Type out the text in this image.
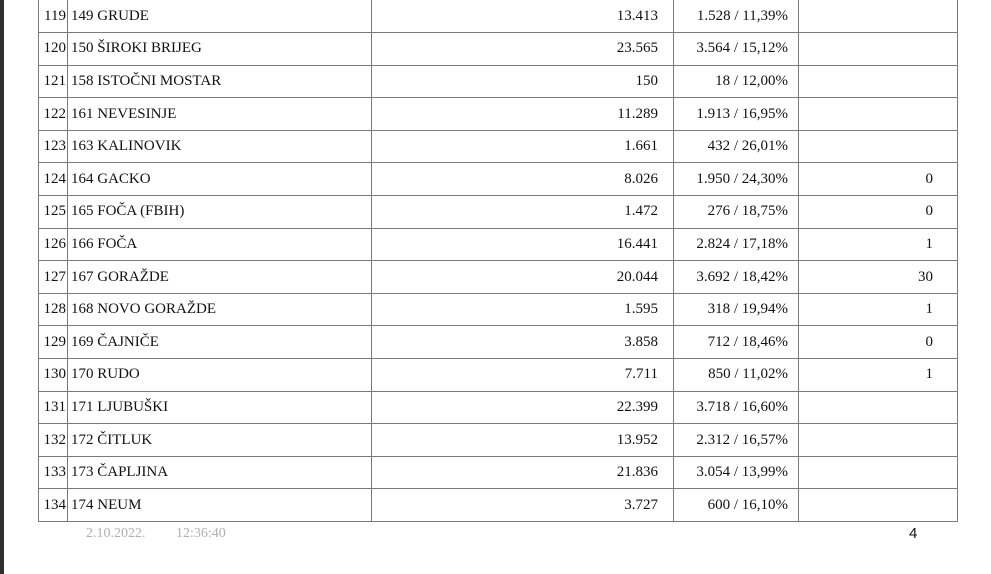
119	149 GRUDE	13.413	1.528 / 11,39%	
120	150 ŠIROKI BRIJEG	23.565	3.564 / 15,12%	
121	158 ISTOČNI MOSTAR	150	18 / 12,00%	
122	161 NEVESINJE	11.289	1.913 / 16,95%	
123	163 KALINOVIK	1.661	432 / 26,01%	
124	164 GACKO	8.026	1.950 / 24,30%	0
125	165 FOČA (FBIH)	1.472	276 / 18,75%	0
126	166 FOČA	16.441	2.824 / 17,18%	1
127	167 GORAŽDE	20.044	3.692 / 18,42%	30
128	168 NOVO GORAŽDE	1.595	318 / 19,94%	1
129	169 ČAJNIČE	3.858	712 / 18,46%	0
130	170 RUDO	7.711	850 / 11,02%	1
131	171 LJUBUŠKI	22.399	3.718 / 16,60%	
132	172 ČITLUK	13.952	2.312 / 16,57%	
133	173 ČAPLJINA	21.836	3.054 / 13,99%	
134	174 NEUM	3.727	600 / 16,10%	
2.10.2022. 12:36:40	4
